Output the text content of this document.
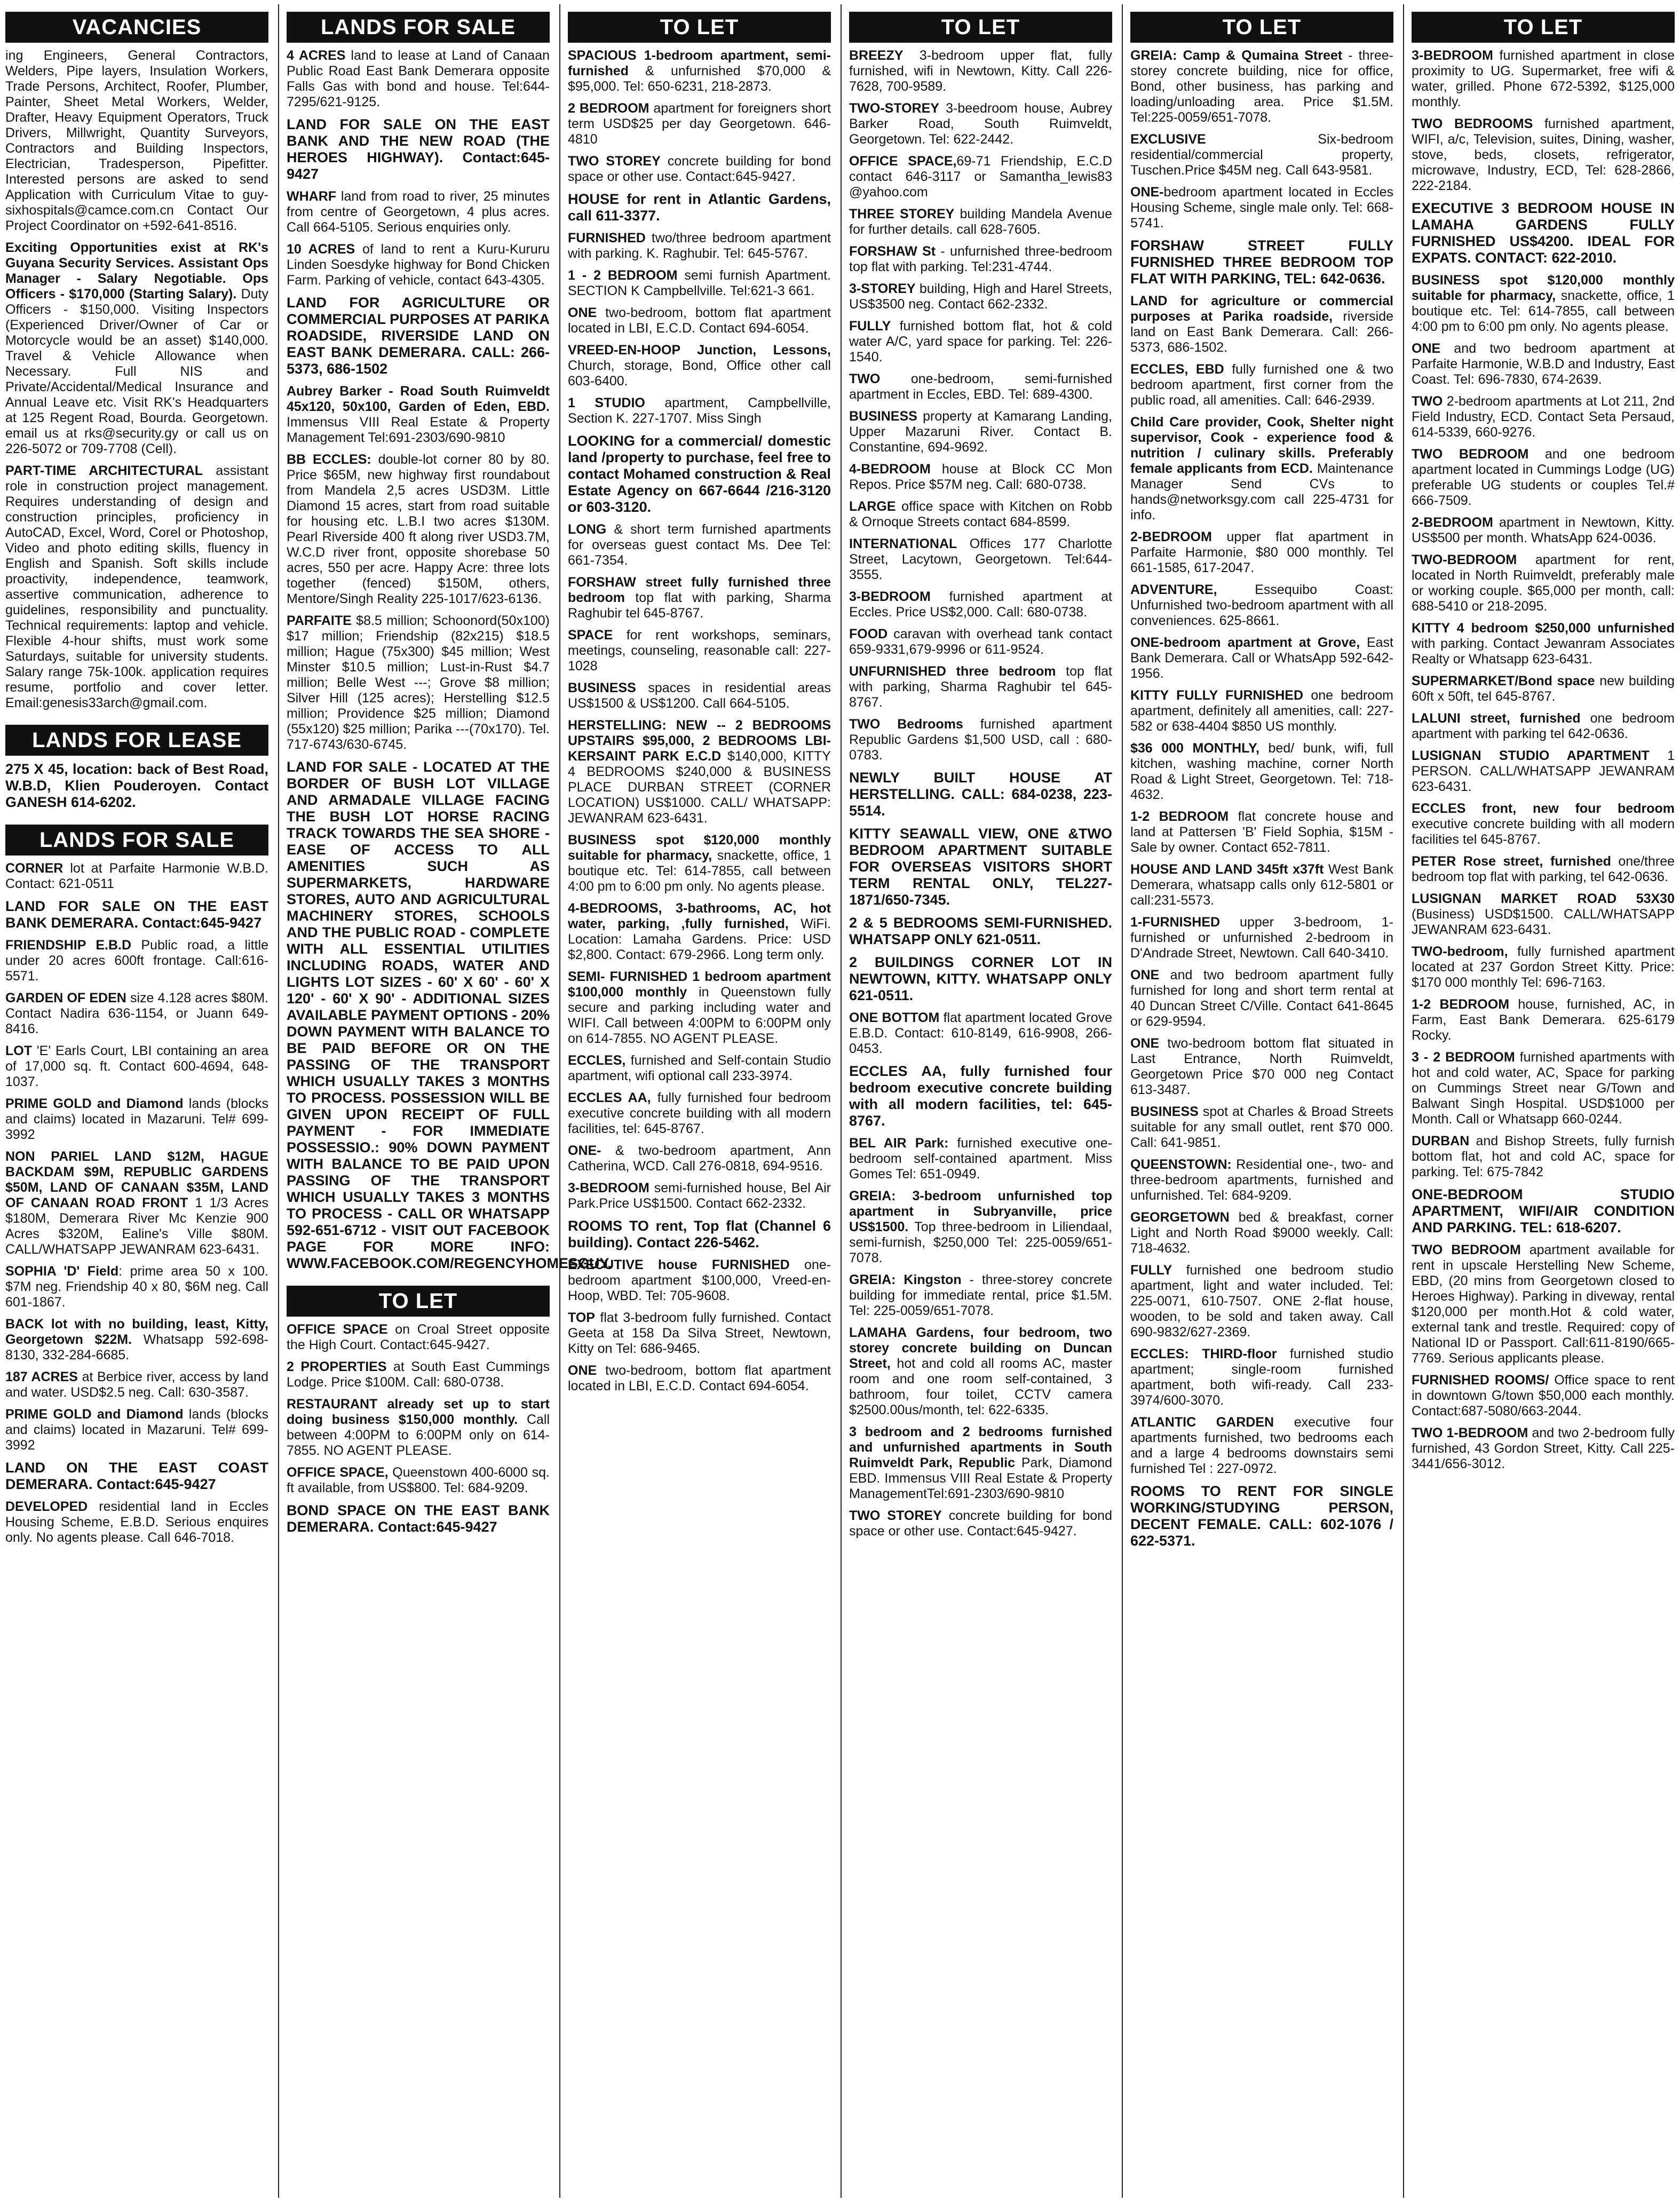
VACANCIES

ing Engineers, General Contractors, Welders, Pipe layers, Insulation Workers, Trade Persons, Architect, Roofer, Plumber, Painter, Sheet Metal Workers, Welder, Drafter, Heavy Equipment Operators, Truck Drivers, Millwright, Quantity Surveyors, Contractors and Building Inspectors, Electrician, Tradesperson, Pipefitter. Interested persons are asked to send Application with Curriculum Vitae to guy-sixhospitals@camce.com.cn Contact Our Project Coordinator on +592-641-8516.

Exciting Opportunities exist at RK's Guyana Security Services. Assistant Ops Manager - Salary Negotiable. Ops Officers - $170,000 (Starting Salary). Duty Officers - $150,000. Visiting Inspectors (Experienced Driver/Owner of Car or Motorcycle would be an asset) $140,000. Travel & Vehicle Allowance when Necessary. Full NIS and Private/Accidental/Medical Insurance and Annual Leave etc. Visit RK's Headquarters at 125 Regent Road, Bourda. Georgetown. email us at rks@security.gy or call us on 226-5072 or 709-7708 (Cell).

PART-TIME ARCHITECTURAL assistant role in construction project management. Requires understanding of design and construction principles, proficiency in AutoCAD, Excel, Word, Corel or Photoshop, Video and photo editing skills, fluency in English and Spanish. Soft skills include proactivity, independence, teamwork, assertive communication, adherence to guidelines, responsibility and punctuality. Technical requirements: laptop and vehicle. Flexible 4-hour shifts, must work some Saturdays, suitable for university students. Salary range 75k-100k. application requires resume, portfolio and cover letter. Email:genesis33arch@gmail.com.

LANDS FOR LEASE

275 X 45, location: back of Best Road, W.B.D, Klien Pouderoyen. Contact GANESH 614-6202.

LANDS FOR SALE

CORNER lot at Parfaite Harmonie W.B.D. Contact: 621-0511

LAND FOR SALE ON THE EAST BANK DEMERARA. Contact:645-9427

FRIENDSHIP E.B.D Public road, a little under 20 acres 600ft frontage. Call:616-5571.

GARDEN OF EDEN size 4.128 acres $80M. Contact Nadira 636-1154, or Juann 649-8416.

LOT 'E' Earls Court, LBI containing an area of 17,000 sq. ft. Contact 600-4694, 648-1037.

PRIME GOLD and Diamond lands (blocks and claims) located in Mazaruni. Tel# 699-3992

NON PARIEL LAND $12M, HAGUE BACKDAM $9M, REPUBLIC GARDENS $50M, LAND OF CANAAN $35M, LAND OF CANAAN ROAD FRONT 1 1/3 Acres $180M, Demerara River Mc Kenzie 900 Acres $320M, Ealine's Ville $80M. CALL/WHATSAPP JEWANRAM 623-6431.

SOPHIA 'D' Field: prime area 50 x 100. $7M neg. Friendship 40 x 80, $6M neg. Call 601-1867.

BACK lot with no building, least, Kitty, Georgetown $22M. Whatsapp 592-698-8130, 332-284-6685.

187 ACRES at Berbice river, access by land and water. USD$2.5 neg. Call: 630-3587.

PRIME GOLD and Diamond lands (blocks and claims) located in Mazaruni. Tel# 699-3992

LAND ON THE EAST COAST DEMERARA. Contact:645-9427

DEVELOPED residential land in Eccles Housing Scheme, E.B.D. Serious enquires only. No agents please. Call 646-7018.

LANDS FOR SALE

4 ACRES land to lease at Land of Canaan Public Road East Bank Demerara opposite Falls Gas with bond and house. Tel:644-7295/621-9125.

LAND FOR SALE ON THE EAST BANK AND THE NEW ROAD (THE HEROES HIGHWAY). Contact:645-9427

WHARF land from road to river, 25 minutes from centre of Georgetown, 4 plus acres. Call 664-5105. Serious enquiries only.

10 ACRES of land to rent a Kuru-Kururu Linden Soesdyke highway for Bond Chicken Farm. Parking of vehicle, contact 643-4305.

LAND FOR AGRICULTURE OR COMMERCIAL PURPOSES AT PARIKA ROADSIDE, RIVERSIDE LAND ON EAST BANK DEMERARA. CALL: 266-5373, 686-1502

Aubrey Barker - Road South Ruimveldt 45x120, 50x100, Garden of Eden, EBD. Immensus VIII Real Estate & Property Management Tel:691-2303/690-9810

BB ECCLES: double-lot corner 80 by 80. Price $65M, new highway first roundabout from Mandela 2,5 acres USD3M. Little Diamond 15 acres, start from road suitable for housing etc. L.B.I two acres $130M. Pearl Riverside 400 ft along river USD3.7M, W.C.D river front, opposite shorebase 50 acres, 550 per acre. Happy Acre: three lots together (fenced) $150M, others, Mentore/Singh Reality 225-1017/623-6136.

PARFAITE $8.5 million; Schoonord(50x100) $17 million; Friendship (82x215) $18.5 million; Hague (75x300) $45 million; West Minster $10.5 million; Lust-in-Rust $4.7 million; Belle West ---; Grove $8 million; Silver Hill (125 acres); Herstelling $12.5 million; Providence $25 million; Diamond (55x120) $25 million; Parika ---(70x170). Tel. 717-6743/630-6745.

LAND FOR SALE - LOCATED AT THE BORDER OF BUSH LOT VILLAGE AND ARMADALE VILLAGE FACING THE BUSH LOT HORSE RACING TRACK TOWARDS THE SEA SHORE - EASE OF ACCESS TO ALL AMENITIES SUCH AS SUPERMARKETS, HARDWARE STORES, AUTO AND AGRICULTURAL MACHINERY STORES, SCHOOLS AND THE PUBLIC ROAD - COMPLETE WITH ALL ESSENTIAL UTILITIES INCLUDING ROADS, WATER AND LIGHTS LOT SIZES - 60' X 60' - 60' X 120' - 60' X 90' - ADDITIONAL SIZES AVAILABLE PAYMENT OPTIONS - 20% DOWN PAYMENT WITH BALANCE TO BE PAID BEFORE OR ON THE PASSING OF THE TRANSPORT WHICH USUALLY TAKES 3 MONTHS TO PROCESS. POSSESSION WILL BE GIVEN UPON RECEIPT OF FULL PAYMENT - FOR IMMEDIATE POSSESSIO.: 90% DOWN PAYMENT WITH BALANCE TO BE PAID UPON PASSING OF THE TRANSPORT WHICH USUALLY TAKES 3 MONTHS TO PROCESS - CALL OR WHATSAPP 592-651-6712 - VISIT OUT FACEBOOK PAGE FOR MORE INFO: WWW.FACEBOOK.COM/REGENCYHOMESGUY.

TO LET

OFFICE SPACE on Croal Street opposite the High Court. Contact:645-9427.

2 PROPERTIES at South East Cummings Lodge. Price $100M. Call: 680-0738.

RESTAURANT already set up to start doing business $150,000 monthly. Call between 4:00PM to 6:00PM only on 614-7855. NO AGENT PLEASE.

OFFICE SPACE, Queenstown 400-6000 sq. ft available, from US$800. Tel: 684-9209.

BOND SPACE ON THE EAST BANK DEMERARA. Contact:645-9427

TO LET

SPACIOUS 1-bedroom apartment, semi-furnished & unfurnished $70,000 & $95,000. Tel: 650-6231, 218-2873.

2 BEDROOM apartment for foreigners short term USD$25 per day Georgetown. 646-4810

TWO STOREY concrete building for bond space or other use. Contact:645-9427.

HOUSE for rent in Atlantic Gardens, call 611-3377.

FURNISHED two/three bedroom apartment with parking. K. Raghubir. Tel: 645-5767.

1 - 2 BEDROOM semi furnish Apartment. SECTION K Campbellville. Tel:621-3 661.

ONE two-bedroom, bottom flat apartment located in LBI, E.C.D. Contact 694-6054.

VREED-EN-HOOP Junction, Lessons, Church, storage, Bond, Office other call 603-6400.

1 STUDIO apartment, Campbellville, Section K. 227-1707. Miss Singh

LOOKING for a commercial/ domestic land /property to purchase, feel free to contact Mohamed construction & Real Estate Agency on 667-6644 /216-3120 or 603-3120.

LONG & short term furnished apartments for overseas guest contact Ms. Dee Tel: 661-7354.

FORSHAW street fully furnished three bedroom top flat with parking, Sharma Raghubir tel 645-8767.

SPACE for rent workshops, seminars, meetings, counseling, reasonable call: 227-1028

BUSINESS spaces in residential areas US$1500 & US$1200. Call 664-5105.

HERSTELLING: NEW -- 2 BEDROOMS UPSTAIRS $95,000, 2 BEDROOMS LBI-KERSAINT PARK E.C.D $140,000, KITTY 4 BEDROOMS $240,000 & BUSINESS PLACE DURBAN STREET (CORNER LOCATION) US$1000. CALL/ WHATSAPP: JEWANRAM 623-6431.

BUSINESS spot $120,000 monthly suitable for pharmacy, snackette, office, 1 boutique etc. Tel: 614-7855, call between 4:00 pm to 6:00 pm only. No agents please.

4-BEDROOMS, 3-bathrooms, AC, hot water, parking, ,fully furnished, WiFi. Location: Lamaha Gardens. Price: USD $2,800. Contact: 679-2966. Long term only.

SEMI- FURNISHED 1 bedroom apartment $100,000 monthly in Queenstown fully secure and parking including water and WIFI. Call between 4:00PM to 6:00PM only on 614-7855. NO AGENT PLEASE.

ECCLES, furnished and Self-contain Studio apartment, wifi optional call 233-3974.

ECCLES AA, fully furnished four bedroom executive concrete building with all modern facilities, tel: 645-8767.

ONE- & two-bedroom apartment, Ann Catherina, WCD. Call 276-0818, 694-9516.

3-BEDROOM semi-furnished house, Bel Air Park.Price US$1500. Contact 662-2332.

ROOMS TO rent, Top flat (Channel 6 building). Contact 226-5462.

EXECUTIVE house FURNISHED one-bedroom apartment $100,000, Vreed-en-Hoop, WBD. Tel: 705-9608.

TOP flat 3-bedroom fully furnished. Contact Geeta at 158 Da Silva Street, Newtown, Kitty on Tel: 686-9465.

ONE two-bedroom, bottom flat apartment located in LBI, E.C.D. Contact 694-6054.

TO LET

BREEZY 3-bedroom upper flat, fully furnished, wifi in Newtown, Kitty. Call 226-7628, 700-9589.

TWO-STOREY 3-beedroom house, Aubrey Barker Road, South Ruimveldt, Georgetown. Tel: 622-2442.

OFFICE SPACE,69-71 Friendship, E.C.D contact 646-3117 or Samantha_lewis83 @yahoo.com

THREE STOREY building Mandela Avenue for further details. call 628-7605.

FORSHAW St - unfurnished three-bedroom top flat with parking. Tel:231-4744.

3-STOREY building, High and Harel Streets, US$3500 neg. Contact 662-2332.

FULLY furnished bottom flat, hot & cold water A/C, yard space for parking. Tel: 226-1540.

TWO one-bedroom, semi-furnished apartment in Eccles, EBD. Tel: 689-4300.

BUSINESS property at Kamarang Landing, Upper Mazaruni River. Contact B. Constantine, 694-9692.

4-BEDROOM house at Block CC Mon Repos. Price $57M neg. Call: 680-0738.

LARGE office space with Kitchen on Robb & Ornoque Streets contact 684-8599.

INTERNATIONAL Offices 177 Charlotte Street, Lacytown, Georgetown. Tel:644-3555.

3-BEDROOM furnished apartment at Eccles. Price US$2,000. Call: 680-0738.

FOOD caravan with overhead tank contact 659-9331,679-9996 or 611-9524.

UNFURNISHED three bedroom top flat with parking, Sharma Raghubir tel 645-8767.

TWO Bedrooms furnished apartment Republic Gardens $1,500 USD, call : 680-0783.

NEWLY BUILT HOUSE AT HERSTELLING. CALL: 684-0238, 223-5514.

KITTY SEAWALL VIEW, ONE &TWO BEDROOM APARTMENT SUITABLE FOR OVERSEAS VISITORS SHORT TERM RENTAL ONLY, TEL227-1871/650-7345.

2 & 5 BEDROOMS SEMI-FURNISHED. WHATSAPP ONLY 621-0511.

2 BUILDINGS CORNER LOT IN NEWTOWN, KITTY. WHATSAPP ONLY 621-0511.

ONE BOTTOM flat apartment located Grove E.B.D. Contact: 610-8149, 616-9908, 266-0453.

ECCLES AA, fully furnished four bedroom executive concrete building with all modern facilities, tel: 645-8767.

BEL AIR Park: furnished executive one-bedroom self-contained apartment. Miss Gomes Tel: 651-0949.

GREIA: 3-bedroom unfurnished top apartment in Subryanville, price US$1500. Top three-bedroom in Liliendaal, semi-furnish, $250,000 Tel: 225-0059/651-7078.

GREIA: Kingston - three-storey concrete building for immediate rental, price $1.5M. Tel: 225-0059/651-7078.

LAMAHA Gardens, four bedroom, two storey concrete building on Duncan Street, hot and cold all rooms AC, master room and one room self-contained, 3 bathroom, four toilet, CCTV camera $2500.00us/month, tel: 622-6335.

3 bedroom and 2 bedrooms furnished and unfurnished apartments in South Ruimveldt Park, Republic Park, Diamond EBD. Immensus VIII Real Estate & Property ManagementTel:691-2303/690-9810

TWO STOREY concrete building for bond space or other use. Contact:645-9427.

TO LET

GREIA: Camp & Qumaina Street - three-storey concrete building, nice for office, Bond, other business, has parking and loading/unloading area. Price $1.5M. Tel:225-0059/651-7078.

EXCLUSIVE Six-bedroom residential/commercial property, Tuschen.Price $45M neg. Call 643-9581.

ONE-bedroom apartment located in Eccles Housing Scheme, single male only. Tel: 668-5741.

FORSHAW STREET FULLY FURNISHED THREE BEDROOM TOP FLAT WITH PARKING, TEL: 642-0636.

LAND for agriculture or commercial purposes at Parika roadside, riverside land on East Bank Demerara. Call: 266-5373, 686-1502.

ECCLES, EBD fully furnished one & two bedroom apartment, first corner from the public road, all amenities. Call: 646-2939.

Child Care provider, Cook, Shelter night supervisor, Cook - experience food & nutrition / culinary skills. Preferably female applicants from ECD. Maintenance Manager Send CVs to hands@networksgy.com call 225-4731 for info.

2-BEDROOM upper flat apartment in Parfaite Harmonie, $80 000 monthly. Tel 661-1585, 617-2047.

ADVENTURE, Essequibo Coast: Unfurnished two-bedroom apartment with all conveniences. 625-8661.

ONE-bedroom apartment at Grove, East Bank Demerara. Call or WhatsApp 592-642-1956.

KITTY FULLY FURNISHED one bedroom apartment, definitely all amenities, call: 227-582 or 638-4404 $850 US monthly.

$36 000 MONTHLY, bed/ bunk, wifi, full kitchen, washing machine, corner North Road & Light Street, Georgetown. Tel: 718-4632.

1-2 BEDROOM flat concrete house and land at Pattersen 'B' Field Sophia, $15M - Sale by owner. Contact 652-7811.

HOUSE AND LAND 345ft x37ft West Bank Demerara, whatsapp calls only 612-5801 or call:231-5573.

1-FURNISHED upper 3-bedroom, 1-furnished or unfurnished 2-bedroom in D'Andrade Street, Newtown. Call 640-3410.

ONE and two bedroom apartment fully furnished for long and short term rental at 40 Duncan Street C/Ville. Contact 641-8645 or 629-9594.

ONE two-bedroom bottom flat situated in Last Entrance, North Ruimveldt, Georgetown Price $70 000 neg Contact 613-3487.

BUSINESS spot at Charles & Broad Streets suitable for any small outlet, rent $70 000. Call: 641-9851.

QUEENSTOWN: Residential one-, two- and three-bedroom apartments, furnished and unfurnished. Tel: 684-9209.

GEORGETOWN bed & breakfast, corner Light and North Road $9000 weekly. Call: 718-4632.

FULLY furnished one bedroom studio apartment, light and water included. Tel: 225-0071, 610-7507. ONE 2-flat house, wooden, to be sold and taken away. Call 690-9832/627-2369.

ECCLES: THIRD-floor furnished studio apartment; single-room furnished apartment, both wifi-ready. Call 233-3974/600-3070.

ATLANTIC GARDEN executive four apartments furnished, two bedrooms each and a large 4 bedrooms downstairs semi furnished Tel : 227-0972.

ROOMS TO RENT FOR SINGLE WORKING/STUDYING PERSON, DECENT FEMALE. CALL: 602-1076 / 622-5371.

TO LET

3-BEDROOM furnished apartment in close proximity to UG. Supermarket, free wifi & water, grilled. Phone 672-5392, $125,000 monthly.

TWO BEDROOMS furnished apartment, WIFI, a/c, Television, suites, Dining, washer, stove, beds, closets, refrigerator, microwave, Industry, ECD, Tel: 628-2866, 222-2184.

EXECUTIVE 3 BEDROOM HOUSE IN LAMAHA GARDENS FULLY FURNISHED US$4200. IDEAL FOR EXPATS. CONTACT: 622-2010.

BUSINESS spot $120,000 monthly suitable for pharmacy, snackette, office, 1 boutique etc. Tel: 614-7855, call between 4:00 pm to 6:00 pm only. No agents please.

ONE and two bedroom apartment at Parfaite Harmonie, W.B.D and Industry, East Coast. Tel: 696-7830, 674-2639.

TWO 2-bedroom apartments at Lot 211, 2nd Field Industry, ECD. Contact Seta Persaud, 614-5339, 660-9276.

TWO BEDROOM and one bedroom apartment located in Cummings Lodge (UG) preferable UG students or couples Tel.# 666-7509.

2-BEDROOM apartment in Newtown, Kitty. US$500 per month. WhatsApp 624-0036.

TWO-BEDROOM apartment for rent, located in North Ruimveldt, preferably male or working couple. $65,000 per month, call: 688-5410 or 218-2095.

KITTY 4 bedroom $250,000 unfurnished with parking. Contact Jewanram Associates Realty or Whatsapp 623-6431.

SUPERMARKET/Bond space new building 60ft x 50ft, tel 645-8767.

LALUNI street, furnished one bedroom apartment with parking tel 642-0636.

LUSIGNAN STUDIO APARTMENT 1 PERSON. CALL/WHATSAPP JEWANRAM 623-6431.

ECCLES front, new four bedroom executive concrete building with all modern facilities tel 645-8767.

PETER Rose street, furnished one/three bedroom top flat with parking, tel 642-0636.

LUSIGNAN MARKET ROAD 53X30 (Business) USD$1500. CALL/WHATSAPP JEWANRAM 623-6431.

TWO-bedroom, fully furnished apartment located at 237 Gordon Street Kitty. Price: $170 000 monthly Tel: 696-7163.

1-2 BEDROOM house, furnished, AC, in Farm, East Bank Demerara. 625-6179 Rocky.

3 - 2 BEDROOM furnished apartments with hot and cold water, AC, Space for parking on Cummings Street near G/Town and Balwant Singh Hospital. USD$1000 per Month. Call or Whatsapp 660-0244.

DURBAN and Bishop Streets, fully furnish bottom flat, hot and cold AC, space for parking. Tel: 675-7842

ONE-BEDROOM STUDIO APARTMENT, WIFI/AIR CONDITION AND PARKING. TEL: 618-6207.

TWO BEDROOM apartment available for rent in upscale Herstelling New Scheme, EBD, (20 mins from Georgetown closed to Heroes Highway). Parking in diveway, rental $120,000 per month.Hot & cold water, external tank and trestle. Required: copy of National ID or Passport. Call:611-8190/665-7769. Serious applicants please.

FURNISHED ROOMS/ Office space to rent in downtown G/town $50,000 each monthly. Contact:687-5080/663-2044.

TWO 1-BEDROOM and two 2-bedroom fully furnished, 43 Gordon Street, Kitty. Call 225- 3441/656-3012.
